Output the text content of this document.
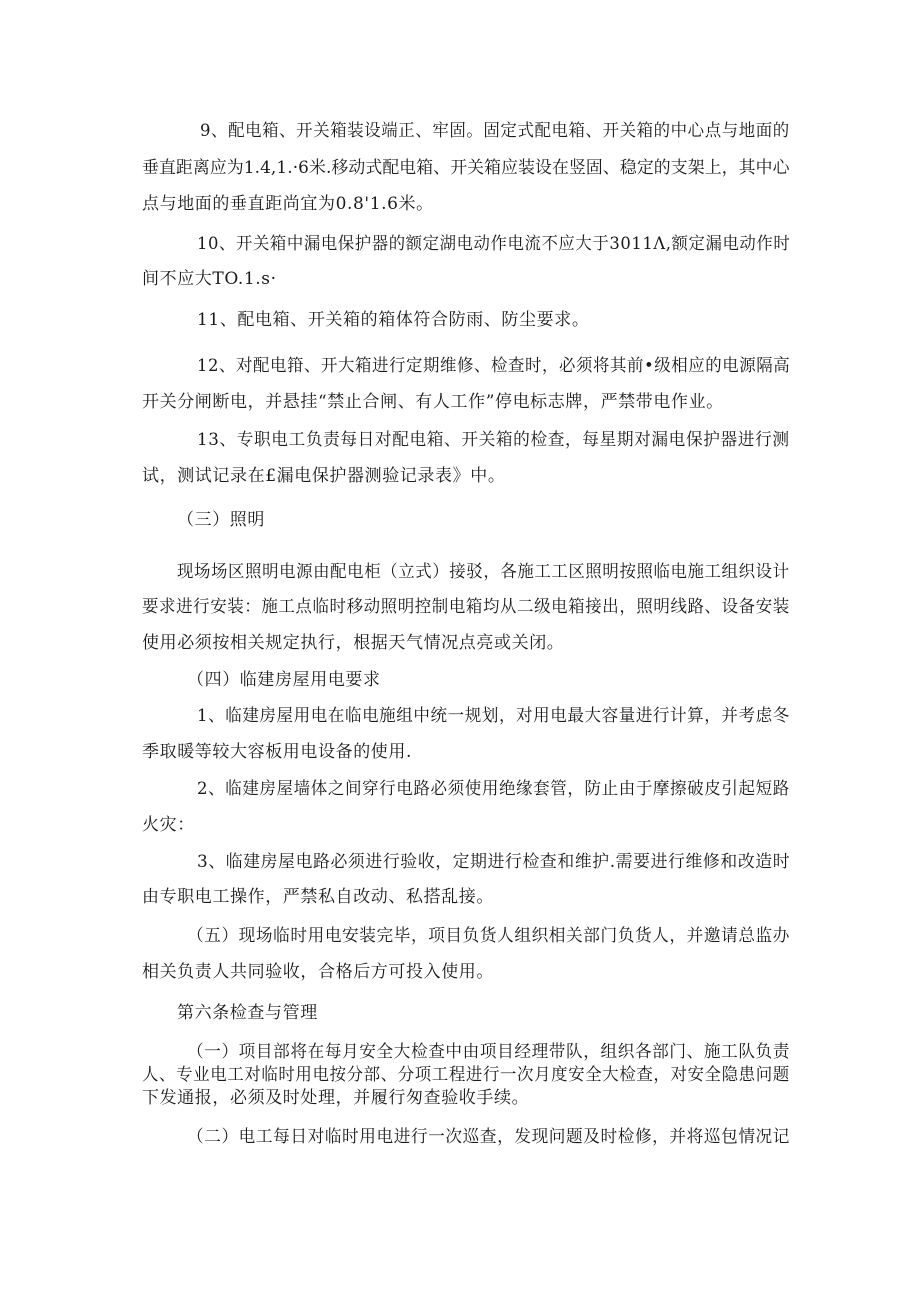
9、配电箱、开关箱装设端正、牢固。固定式配电箱、开关箱的中心点与地面的
垂直距离应为1.4,1.·6米.移动式配电箱、开关箱应装设在竖固、稳定的支架上，其中心
点与地面的垂直距尚宜为0.8'1.6米。
10、开关箱中漏电保护器的额定湖电动作电流不应大于3011Λ,额定漏电动作时
间不应大TO.1.s·
11、配电箱、开关箱的箱体符合防雨、防尘要求。
12、对配电箝、开大箱进行定期维修、检查时，必须将其前•级相应的电源隔高
开关分闸断电，并悬挂“禁止合闸、有人工作”停电标志牌，严禁带电作业。
13、专职电工负责每日对配电箱、开关箱的检查，每星期对漏电保护器进行测
试，测试记录在£漏电保护器测验记录表》中。
（三）照明
现场场区照明电源由配电柜（立式）接驳，各施工工区照明按照临电施工组织设计
要求进行安装：施工点临时移动照明控制电箱均从二级电箱接出，照明线路、设备安装
使用必须按相关规定执行，根据天气情况点亮或关闭。
（四）临建房屋用电要求
1、临建房屋用电在临电施组中统一规划，对用电最大容量进行计算，并考虑冬
季取暖等较大容板用电设备的使用.
2、临建房屋墙体之间穿行电路必须使用绝缘套管，防止由于摩擦破皮引起短路
火灾：
3、临建房屋电路必须进行验收，定期进行检查和维护.需要进行维修和改造时
由专职电工操作，严禁私自改动、私搭乱接。
（五）现场临时用电安装完毕，项目负货人组织相关部门负货人，并邀请总监办
相关负责人共同验收，合格后方可投入使用。
第六条检查与管理
（一）项目部将在每月安全大检查中由项目经理带队，组织各部门、施工队负责
人、专业电工对临时用电按分部、分项工程进行一次月度安全大检查，对安全隐患问题
下发通报，必须及时处理，并履行匆查验收手续。
（二）电工每日对临时用电进行一次巡查，发现问题及时检修，并将巡包情况记
